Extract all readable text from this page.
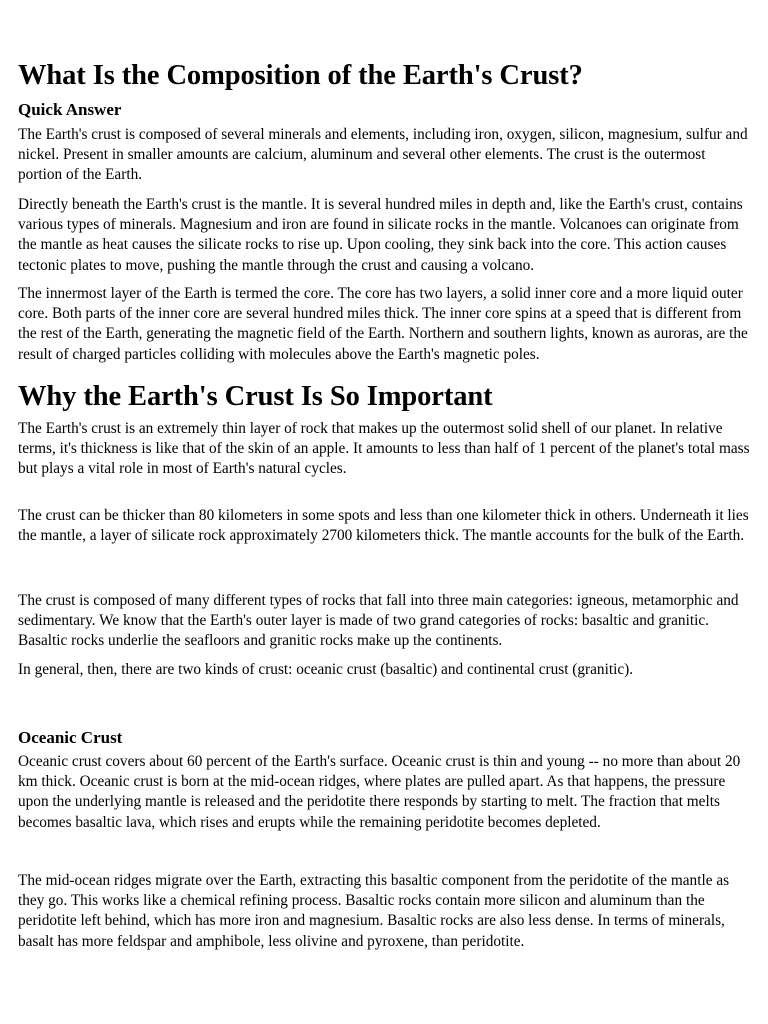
What Is the Composition of the Earth's Crust?
Quick Answer

The Earth's crust is composed of several minerals and elements, including iron, oxygen, silicon, magnesium, sulfur and nickel. Present in smaller amounts are calcium, aluminum and several other elements. The crust is the outermost portion of the Earth.

Directly beneath the Earth's crust is the mantle. It is several hundred miles in depth and, like the Earth's crust, contains various types of minerals. Magnesium and iron are found in silicate rocks in the mantle. Volcanoes can originate from the mantle as heat causes the silicate rocks to rise up. Upon cooling, they sink back into the core. This action causes tectonic plates to move, pushing the mantle through the crust and causing a volcano.

The innermost layer of the Earth is termed the core. The core has two layers, a solid inner core and a more liquid outer core. Both parts of the inner core are several hundred miles thick. The inner core spins at a speed that is different from the rest of the Earth, generating the magnetic field of the Earth. Northern and southern lights, known as auroras, are the result of charged particles colliding with molecules above the Earth's magnetic poles.

Why the Earth's Crust Is So Important

The Earth's crust is an extremely thin layer of rock that makes up the outermost solid shell of our planet. In relative terms, it's thickness is like that of the skin of an apple. It amounts to less than half of 1 percent of the planet's total mass but plays a vital role in most of Earth's natural cycles.

The crust can be thicker than 80 kilometers in some spots and less than one kilometer thick in others. Underneath it lies the mantle, a layer of silicate rock approximately 2700 kilometers thick. The mantle accounts for the bulk of the Earth.

The crust is composed of many different types of rocks that fall into three main categories: igneous, metamorphic and sedimentary. We know that the Earth's outer layer is made of two grand categories of rocks: basaltic and granitic. Basaltic rocks underlie the seafloors and granitic rocks make up the continents.

In general, then, there are two kinds of crust: oceanic crust (basaltic) and continental crust (granitic).

Oceanic Crust

Oceanic crust covers about 60 percent of the Earth's surface. Oceanic crust is thin and young -- no more than about 20 km thick. Oceanic crust is born at the mid-ocean ridges, where plates are pulled apart. As that happens, the pressure upon the underlying mantle is released and the peridotite there responds by starting to melt. The fraction that melts becomes basaltic lava, which rises and erupts while the remaining peridotite becomes depleted.

The mid-ocean ridges migrate over the Earth, extracting this basaltic component from the peridotite of the mantle as they go. This works like a chemical refining process. Basaltic rocks contain more silicon and aluminum than the peridotite left behind, which has more iron and magnesium. Basaltic rocks are also less dense. In terms of minerals, basalt has more feldspar and amphibole, less olivine and pyroxene, than peridotite.
